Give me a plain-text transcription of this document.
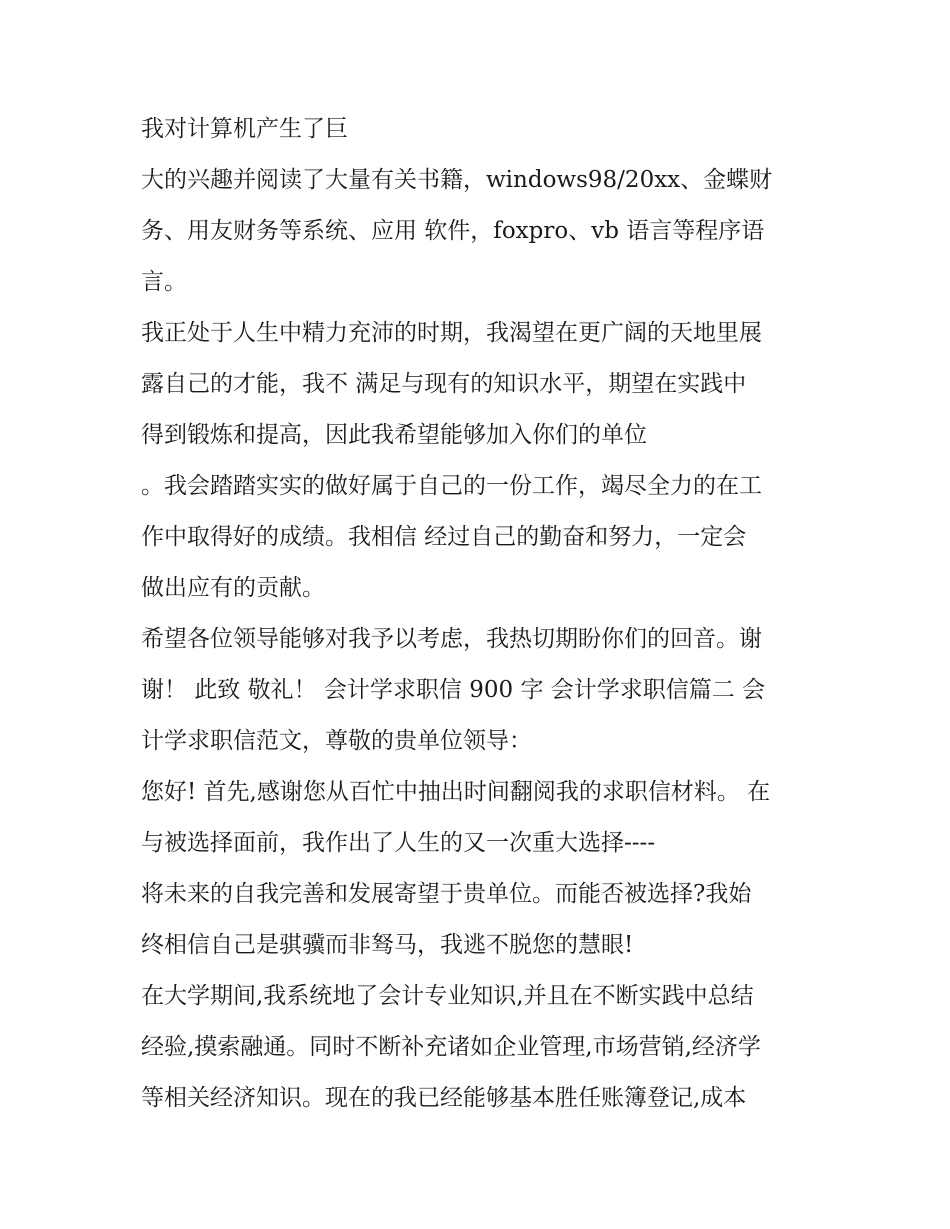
我对计算机产生了巨
大的兴趣并阅读了大量有关书籍，windows98/20xx、金蝶财
务、用友财务等系统、应用 软件，foxpro、vb 语言等程序语
言。
我正处于人生中精力充沛的时期，我渴望在更广阔的天地里展
露自己的才能，我不 满足与现有的知识水平，期望在实践中
得到锻炼和提高，因此我希望能够加入你们的单位
。我会踏踏实实的做好属于自己的一份工作，竭尽全力的在工
作中取得好的成绩。我相信 经过自己的勤奋和努力，一定会
做出应有的贡献。
希望各位领导能够对我予以考虑，我热切期盼你们的回音。谢
谢！ 此致 敬礼！ 会计学求职信 900 字 会计学求职信篇二 会
计学求职信范文，尊敬的贵单位领导：
您好! 首先,感谢您从百忙中抽出时间翻阅我的求职信材料。 在
与被选择面前，我作出了人生的又一次重大选择----
将未来的自我完善和发展寄望于贵单位。而能否被选择?我始
终相信自己是骐骥而非驽马，我逃不脱您的慧眼!
在大学期间,我系统地了会计专业知识,并且在不断实践中总结
经验,摸索融通。同时不断补充诸如企业管理,市场营销,经济学
等相关经济知识。现在的我已经能够基本胜任账簿登记,成本
